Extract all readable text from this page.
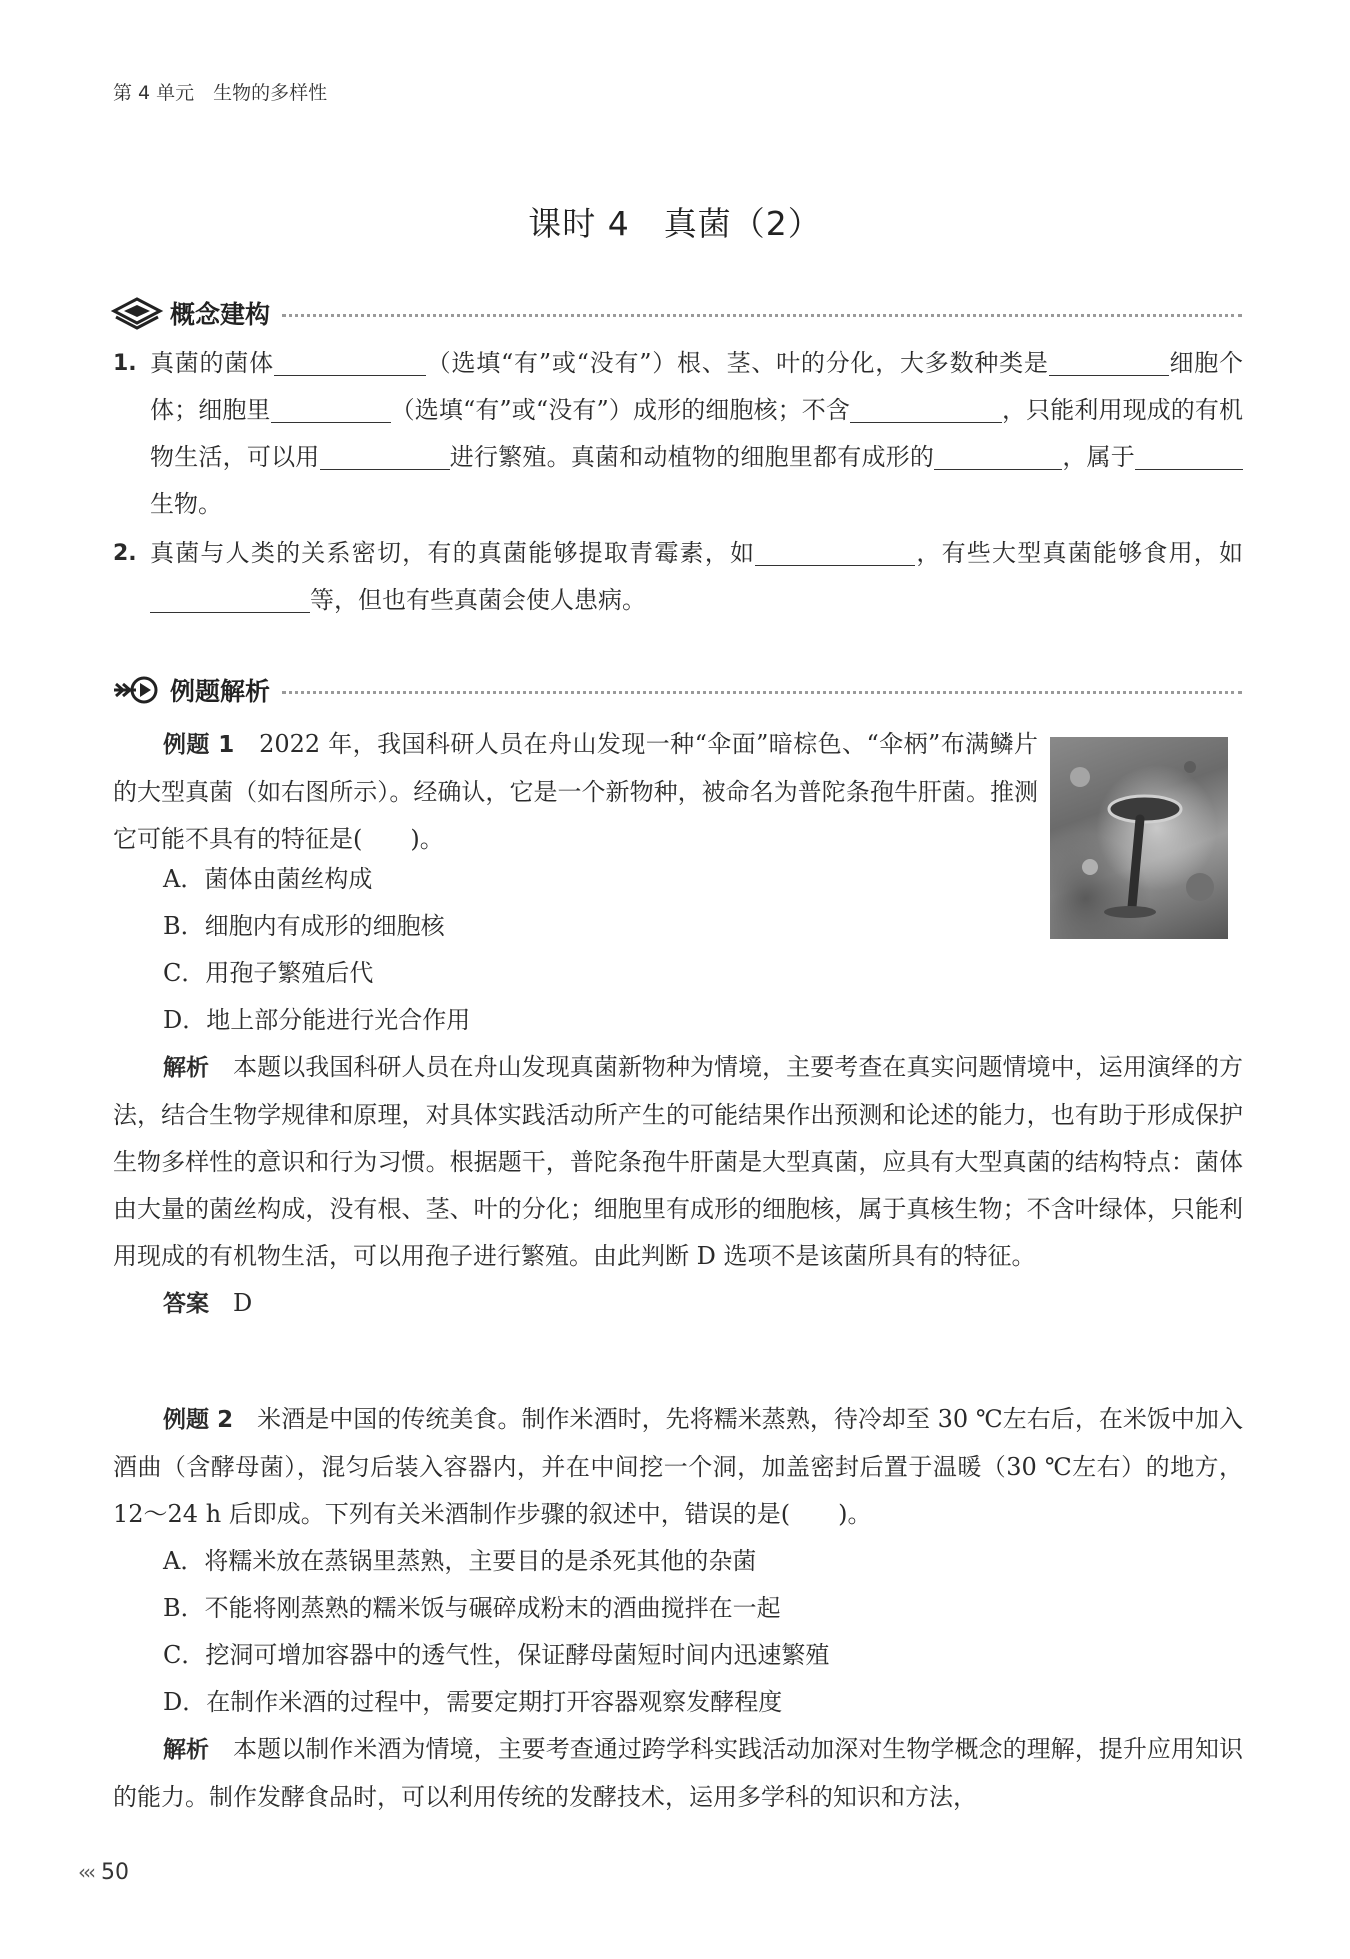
第 4 单元　生物的多样性
课时 4　真菌（2）
概念建构
1. 真菌的菌体	（选填“有”或“没有”）根、茎、叶的分化，大多数种类是	细胞个体；细胞里	（选填“有”或“没有”）成形的细胞核；不含	，只能利用现成的有机物生活，可以用	进行繁殖。真菌和动植物的细胞里都有成形的	，属于生物。
2. 真菌与人类的关系密切，有的真菌能够提取青霉素，如	，有些大型真菌能够食用，如等，但也有些真菌会使人患病。
例题解析
例题 1　 2022 年，我国科研人员在舟山发现一种“伞面”暗棕色、“伞柄”布满鳞片的大型真菌（如右图所示）。经确认，它是一个新物种，被命名为普陀条孢牛肝菌。推测它可能不具有的特征是(　　)。
A．菌体由菌丝构成
B．细胞内有成形的细胞核
C．用孢子繁殖后代
D．地上部分能进行光合作用
解析　 本题以我国科研人员在舟山发现真菌新物种为情境，主要考查在真实问题情境中，运用演绎的方法，结合生物学规律和原理，对具体实践活动所产生的可能结果作出预测和论述的能力，也有助于形成保护生物多样性的意识和行为习惯。根据题干，普陀条孢牛肝菌是大型真菌，应具有大型真菌的结构特点：菌体由大量的菌丝构成，没有根、茎、叶的分化；细胞里有成形的细胞核，属于真核生物；不含叶绿体，只能利用现成的有机物生活，可以用孢子进行繁殖。由此判断 D 选项不是该菌所具有的特征。
答案　 D
例题 2　 米酒是中国的传统美食。制作米酒时，先将糯米蒸熟，待冷却至 30 ℃左右后，在米饭中加入酒曲（含酵母菌），混匀后装入容器内，并在中间挖一个洞，加盖密封后置于温暖（30 ℃左右）的地方，12～24 h 后即成。下列有关米酒制作步骤的叙述中，错误的是(　　)。
A．将糯米放在蒸锅里蒸熟，主要目的是杀死其他的杂菌
B．不能将刚蒸熟的糯米饭与碾碎成粉末的酒曲搅拌在一起
C．挖洞可增加容器中的透气性，保证酵母菌短时间内迅速繁殖
D．在制作米酒的过程中，需要定期打开容器观察发酵程度
解析　 本题以制作米酒为情境，主要考查通过跨学科实践活动加深对生物学概念的理解，提升应用知识的能力。制作发酵食品时，可以利用传统的发酵技术，运用多学科的知识和方法，
‹‹‹ 50
